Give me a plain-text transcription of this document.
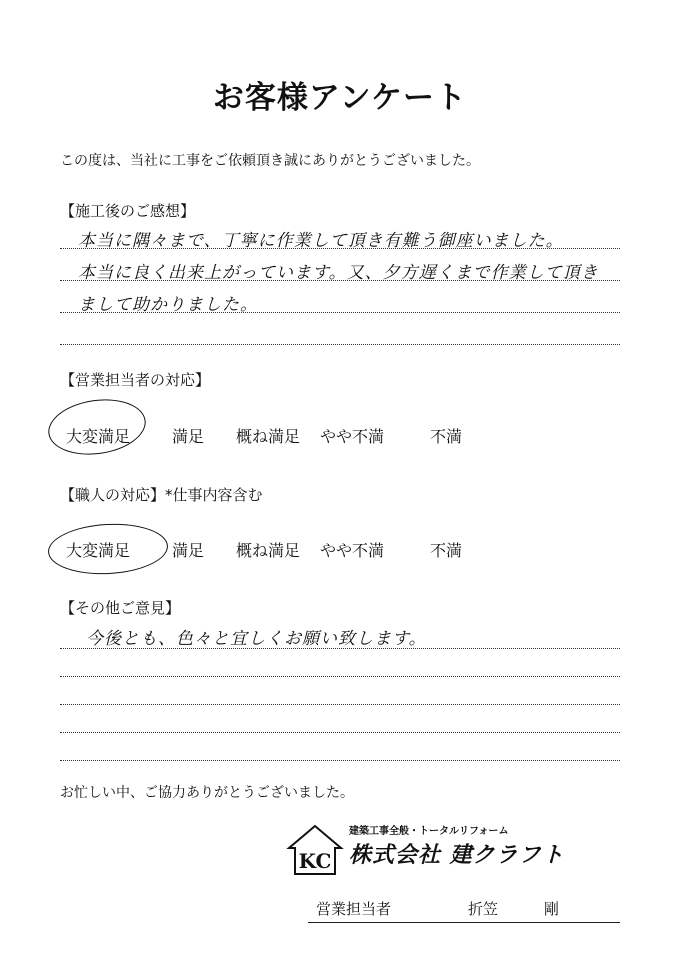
お客様アンケート
この度は、当社に工事をご依頼頂き誠にありがとうございました。
【施工後のご感想】
本当に隅々まで、丁寧に作業して頂き有難う御座いました。
本当に良く出来上がっています。又、夕方遅くまで作業して頂き
まして助かりました。
【営業担当者の対応】
大変満足	満足 概ね満足 やや不満	不満
【職人の対応】*仕事内容含む
大変満足	満足 概ね満足 やや不満	不満
【その他ご意見】
今後とも、色々と宜しくお願い致します。
お忙しい中、ご協力ありがとうございました。
KC
建築工事全般・トータルリフォーム
株式会社 建クラフト
営業担当者	折笠	剛
